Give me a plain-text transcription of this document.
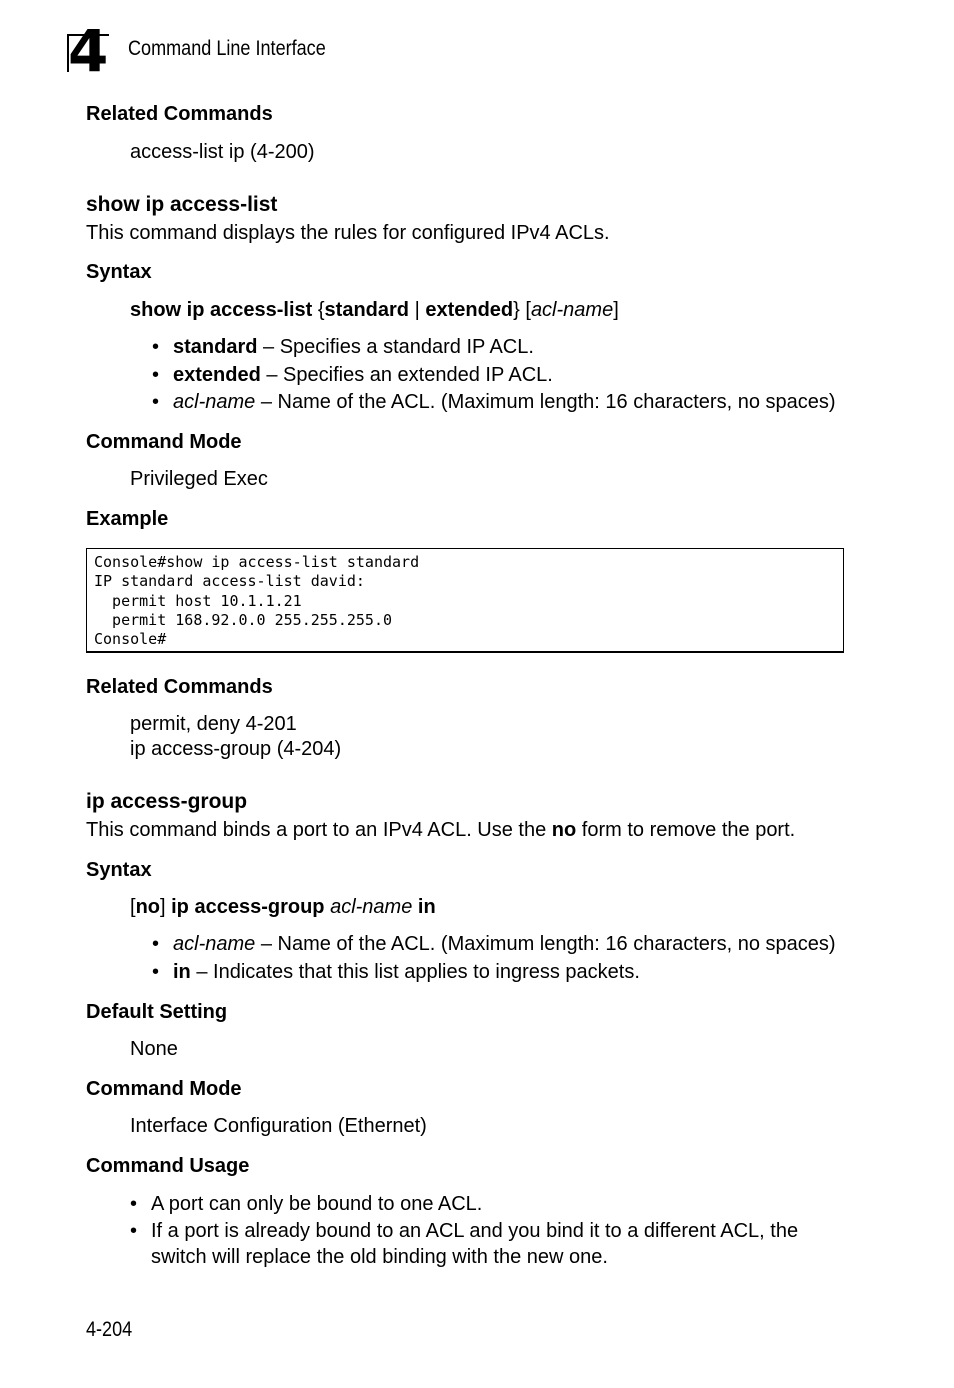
4 Command Line Interface
Related Commands
access-list ip (4-200)
show ip access-list
This command displays the rules for configured IPv4 ACLs.
Syntax
show ip access-list {standard | extended} [acl-name]
• standard – Specifies a standard IP ACL.
• extended – Specifies an extended IP ACL.
• acl-name – Name of the ACL. (Maximum length: 16 characters, no spaces)
Command Mode
Privileged Exec
Example
Console#show ip access-list standard
IP standard access-list david:
permit host 10.1.1.21
permit 168.92.0.0 255.255.255.0
Console#
Related Commands
permit, deny 4-201
ip access-group (4-204)
ip access-group
This command binds a port to an IPv4 ACL. Use the no form to remove the port.
Syntax
[no] ip access-group acl-name in
• acl-name – Name of the ACL. (Maximum length: 16 characters, no spaces)
• in – Indicates that this list applies to ingress packets.
Default Setting
None
Command Mode
Interface Configuration (Ethernet)
Command Usage
• A port can only be bound to one ACL.
• If a port is already bound to an ACL and you bind it to a different ACL, the
switch will replace the old binding with the new one.
4-204
